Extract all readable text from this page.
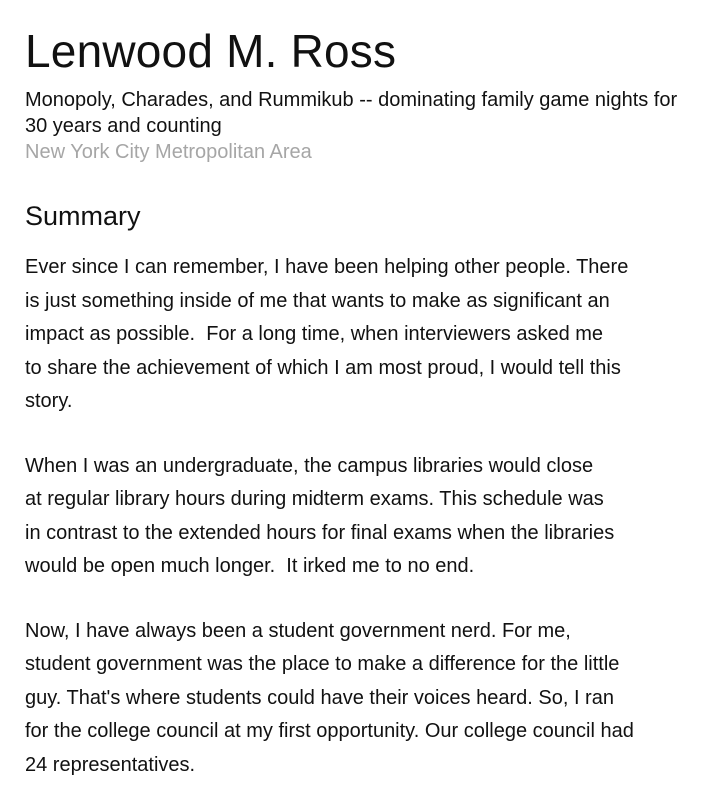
Lenwood M. Ross
Monopoly, Charades, and Rummikub -- dominating family game nights for 30 years and counting
New York City Metropolitan Area
Summary

Ever since I can remember, I have been helping other people. There
is just something inside of me that wants to make as significant an
impact as possible.  For a long time, when interviewers asked me
to share the achievement of which I am most proud, I would tell this
story.

When I was an undergraduate, the campus libraries would close
at regular library hours during midterm exams. This schedule was
in contrast to the extended hours for final exams when the libraries
would be open much longer.  It irked me to no end.

Now, I have always been a student government nerd. For me,
student government was the place to make a difference for the little
guy. That's where students could have their voices heard. So, I ran
for the college council at my first opportunity. Our college council had
24 representatives.
